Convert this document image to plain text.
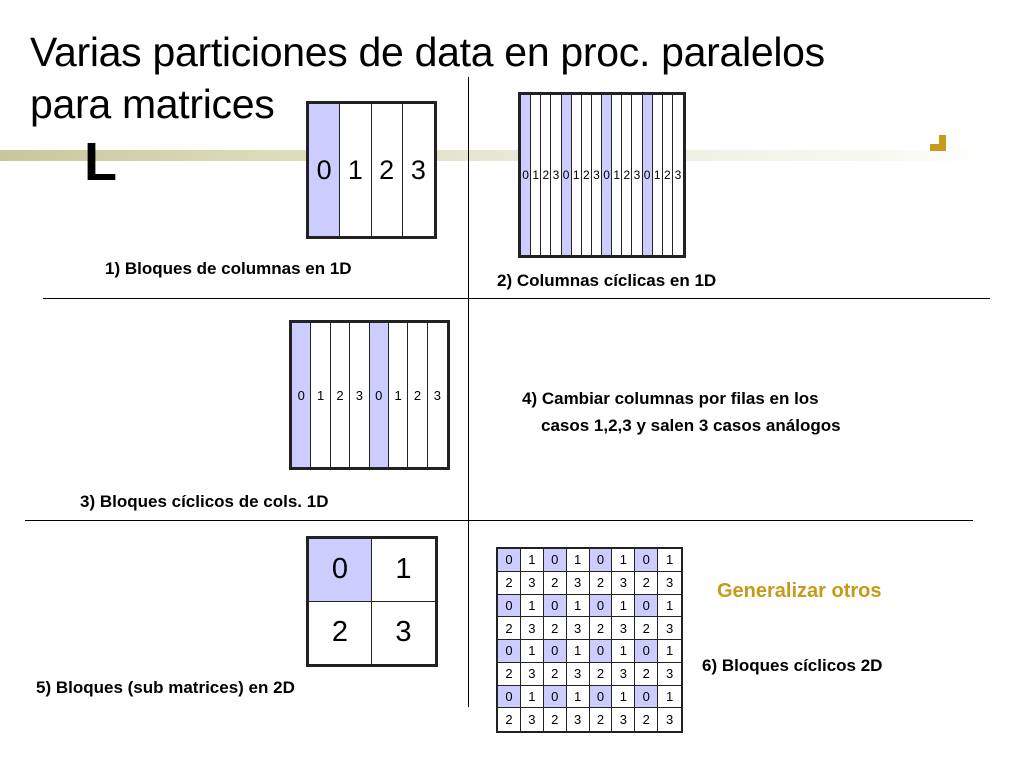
Varias particiones de data en proc. paralelos
para matrices
L	0 1 2 3
1) Bloques de columnas en 1D
0 1 2 3 0 1 2 3 0 1 2 3 0 1 2 3
2) Columnas cíclicas en 1D
0 1 2 3 0 1 2 3
3) Bloques cíclicos de cols. 1D
4) Cambiar columnas por filas en los
casos 1,2,3 y salen 3 casos análogos
0	1
2	3
5) Bloques (sub matrices) en 2D
0	1	0	1	0	1	0	1
2	3	2	3	2	3	2	3
0	1	0	1	0	1	0	1
2	3	2	3	2	3	2	3
0	1	0	1	0	1	0	1
2	3	2	3	2	3	2	3
0	1	0	1	0	1	0	1
2	3	2	3	2	3	2	3
Generalizar otros
6) Bloques cíclicos 2D
